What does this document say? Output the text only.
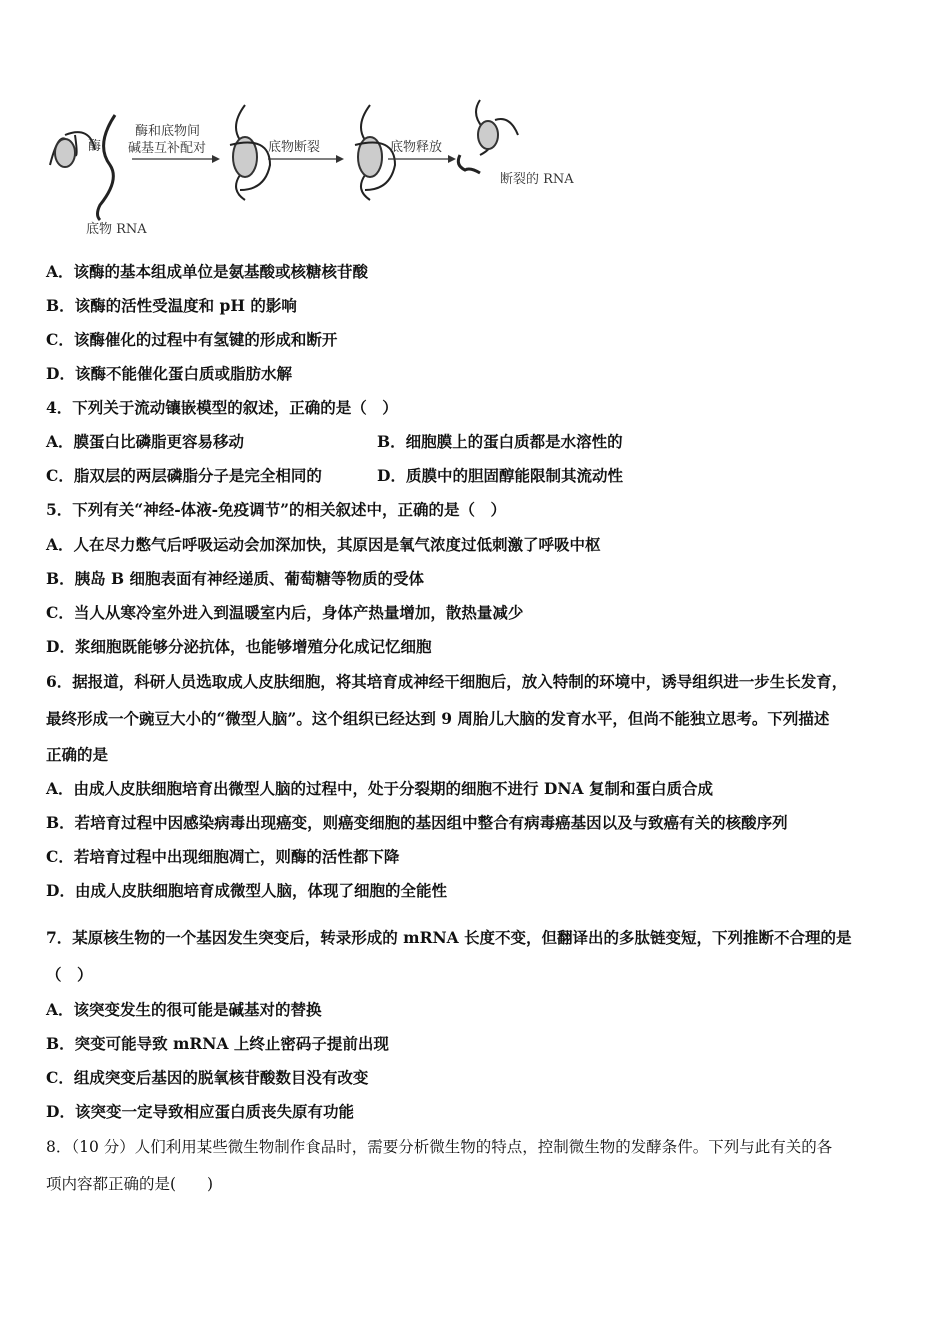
酶
底物 RNA
酶和底物间
碱基互补配对	底物断裂	底物释放
断裂的 RNA
A．该酶的基本组成单位是氨基酸或核糖核苷酸
B．该酶的活性受温度和 pH 的影响
C．该酶催化的过程中有氢键的形成和断开
D．该酶不能催化蛋白质或脂肪水解
4．下列关于流动镶嵌模型的叙述，正确的是（　）
A．膜蛋白比磷脂更容易移动	B．细胞膜上的蛋白质都是水溶性的
C．脂双层的两层磷脂分子是完全相同的	D．质膜中的胆固醇能限制其流动性
5．下列有关“神经-体液-免疫调节”的相关叙述中，正确的是（　）
A．人在尽力憋气后呼吸运动会加深加快，其原因是氧气浓度过低刺激了呼吸中枢
B．胰岛 B 细胞表面有神经递质、葡萄糖等物质的受体
C．当人从寒冷室外进入到温暖室内后，身体产热量增加，散热量减少
D．浆细胞既能够分泌抗体，也能够增殖分化成记忆细胞
6．据报道，科研人员选取成人皮肤细胞，将其培育成神经干细胞后，放入特制的环境中，诱导组织进一步生长发育，
最终形成一个豌豆大小的“微型人脑”。这个组织已经达到 9 周胎儿大脑的发育水平，但尚不能独立思考。下列描述
正确的是
A．由成人皮肤细胞培育出微型人脑的过程中，处于分裂期的细胞不进行 DNA 复制和蛋白质合成
B．若培育过程中因感染病毒出现癌变，则癌变细胞的基因组中整合有病毒癌基因以及与致癌有关的核酸序列
C．若培育过程中出现细胞凋亡，则酶的活性都下降
D．由成人皮肤细胞培育成微型人脑，体现了细胞的全能性
7．某原核生物的一个基因发生突变后，转录形成的 mRNA 长度不变，但翻译出的多肽链变短，下列推断不合理的是
（　）
A．该突变发生的很可能是碱基对的替换
B．突变可能导致 mRNA 上终止密码子提前出现
C．组成突变后基因的脱氧核苷酸数目没有改变
D．该突变一定导致相应蛋白质丧失原有功能
8．（10 分）人们利用某些微生物制作食品时，需要分析微生物的特点，控制微生物的发酵条件。下列与此有关的各
项内容都正确的是(　　)
